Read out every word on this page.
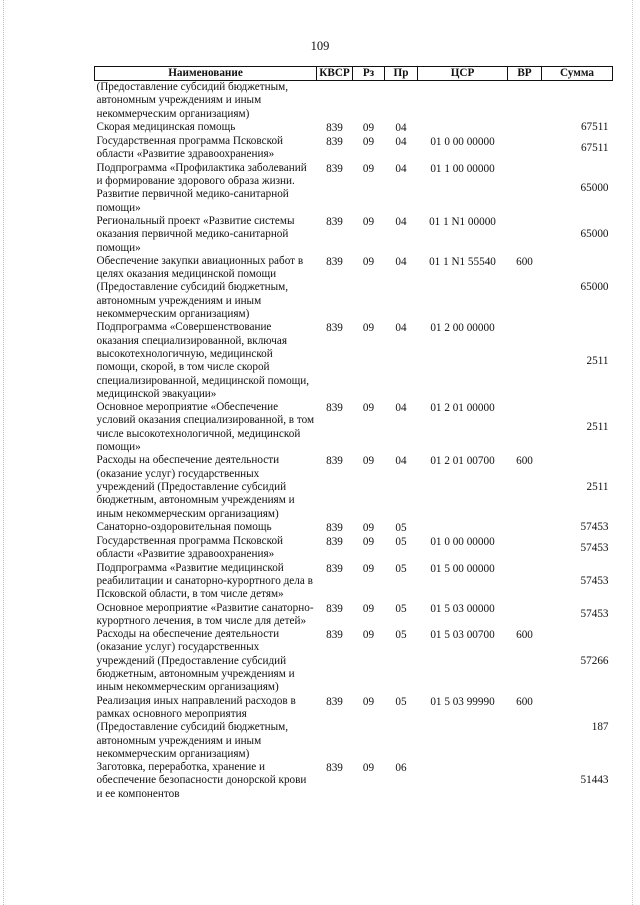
109
Наименование	КВСР	Рз	Пр	ЦСР	ВР	Сумма
(Предоставление субсидий бюджетным, автономным учреждениям и иным некоммерческим организациям)						
Скорая медицинская помощь	839	09	04			67511
Государственная программа Псковской области «Развитие здравоохранения»	839	09	04	01 0 00 00000		67511
Подпрограмма «Профилактика заболеваний и формирование здорового образа жизни. Развитие первичной медико-санитарной помощи»	839	09	04	01 1 00 00000		65000
Региональный проект «Развитие системы оказания первичной медико-санитарной помощи»	839	09	04	01 1 N1 00000		65000
Обеспечение закупки авиационных работ в целях оказания медицинской помощи (Предоставление субсидий бюджетным, автономным учреждениям и иным некоммерческим организациям)	839	09	04	01 1 N1 55540	600	65000
Подпрограмма «Совершенствование оказания специализированной, включая высокотехнологичную, медицинской помощи, скорой, в том числе скорой специализированной, медицинской помощи, медицинской эвакуации»	839	09	04	01 2 00 00000		2511
Основное мероприятие «Обеспечение условий оказания специализированной, в том числе высокотехнологичной, медицинской помощи»	839	09	04	01 2 01 00000		2511
Расходы на обеспечение деятельности (оказание услуг) государственных учреждений (Предоставление субсидий бюджетным, автономным учреждениям и иным некоммерческим организациям)	839	09	04	01 2 01 00700	600	2511
Санаторно-оздоровительная помощь	839	09	05			57453
Государственная программа Псковской области «Развитие здравоохранения»	839	09	05	01 0 00 00000		57453
Подпрограмма «Развитие медицинской реабилитации и санаторно-курортного дела в Псковской области, в том числе детям»	839	09	05	01 5 00 00000		57453
Основное мероприятие «Развитие санаторно-курортного лечения, в том числе для детей»	839	09	05	01 5 03 00000		57453
Расходы на обеспечение деятельности (оказание услуг) государственных учреждений (Предоставление субсидий бюджетным, автономным учреждениям и иным некоммерческим организациям)	839	09	05	01 5 03 00700	600	57266
Реализация иных направлений расходов в рамках основного мероприятия (Предоставление субсидий бюджетным, автономным учреждениям и иным некоммерческим организациям)	839	09	05	01 5 03 99990	600	187
Заготовка, переработка, хранение и обеспечение безопасности донорской крови и ее компонентов	839	09	06			51443
